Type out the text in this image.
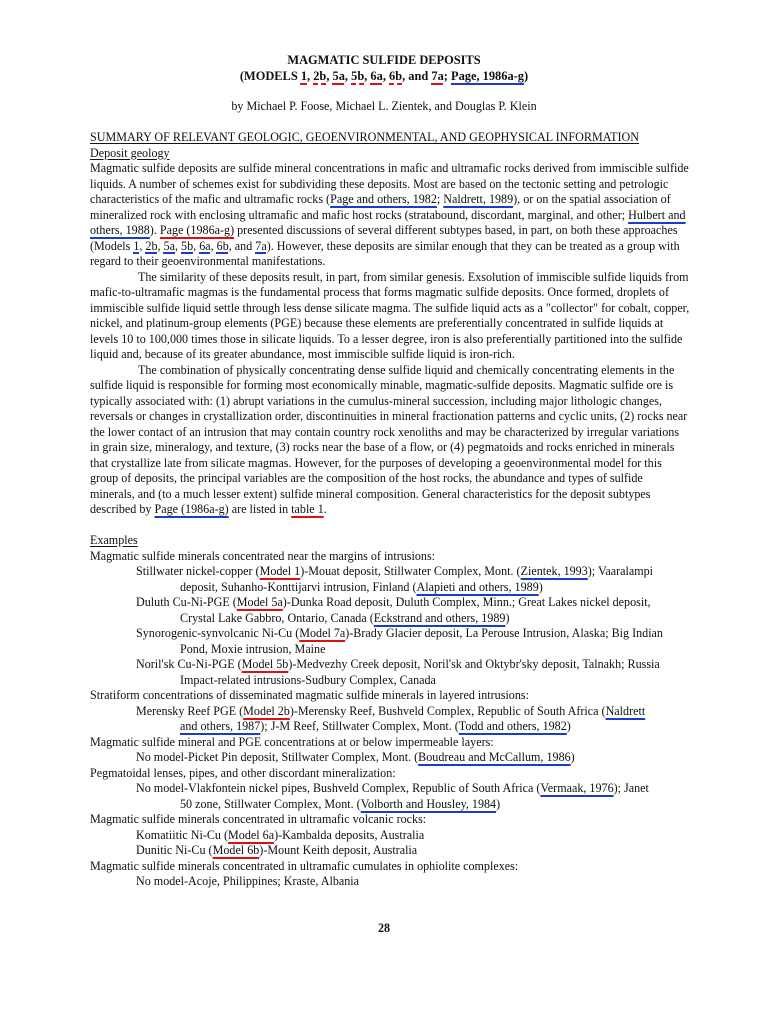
MAGMATIC SULFIDE DEPOSITS
(MODELS 1, 2b, 5a, 5b, 6a, 6b, and 7a; Page, 1986a-g)
by Michael P. Foose, Michael L. Zientek, and Douglas P. Klein

SUMMARY OF RELEVANT GEOLOGIC, GEOENVIRONMENTAL, AND GEOPHYSICAL INFORMATION

Deposit geology

Magmatic sulfide deposits are sulfide mineral concentrations in mafic and ultramafic rocks derived from immiscible sulfide liquids. A number of schemes exist for subdividing these deposits. Most are based on the tectonic setting and petrologic characteristics of the mafic and ultramafic rocks (Page and others, 1982; Naldrett, 1989), or on the spatial association of mineralized rock with enclosing ultramafic and mafic host rocks (stratabound, discordant, marginal, and other; Hulbert and others, 1988). Page (1986a-g) presented discussions of several different subtypes based, in part, on both these approaches (Models 1, 2b, 5a, 5b, 6a, 6b, and 7a). However, these deposits are similar enough that they can be treated as a group with regard to their geoenvironmental manifestations.

The similarity of these deposits result, in part, from similar genesis. Exsolution of immiscible sulfide liquids from mafic-to-ultramafic magmas is the fundamental process that forms magmatic sulfide deposits. Once formed, droplets of immiscible sulfide liquid settle through less dense silicate magma. The sulfide liquid acts as a "collector" for cobalt, copper, nickel, and platinum-group elements (PGE) because these elements are preferentially concentrated in sulfide liquids at levels 10 to 100,000 times those in silicate liquids. To a lesser degree, iron is also preferentially partitioned into the sulfide liquid and, because of its greater abundance, most immiscible sulfide liquid is iron-rich.

The combination of physically concentrating dense sulfide liquid and chemically concentrating elements in the sulfide liquid is responsible for forming most economically minable, magmatic-sulfide deposits. Magmatic sulfide ore is typically associated with: (1) abrupt variations in the cumulus-mineral succession, including major lithologic changes, reversals or changes in crystallization order, discontinuities in mineral fractionation patterns and cyclic units, (2) rocks near the lower contact of an intrusion that may contain country rock xenoliths and may be characterized by irregular variations in grain size, mineralogy, and texture, (3) rocks near the base of a flow, or (4) pegmatoids and rocks enriched in minerals that crystallize late from silicate magmas. However, for the purposes of developing a geoenvironmental model for this group of deposits, the principal variables are the composition of the host rocks, the abundance and types of sulfide minerals, and (to a much lesser extent) sulfide mineral composition. General characteristics for the deposit subtypes described by Page (1986a-g) are listed in table 1.

Examples

Magmatic sulfide minerals concentrated near the margins of intrusions:

Stillwater nickel-copper (Model 1)-Mouat deposit, Stillwater Complex, Mont. (Zientek, 1993); Vaaralampi

deposit, Suhanho-Konttijarvi intrusion, Finland (Alapieti and others, 1989)

Duluth Cu-Ni-PGE (Model 5a)-Dunka Road deposit, Duluth Complex, Minn.; Great Lakes nickel deposit,

Crystal Lake Gabbro, Ontario, Canada (Eckstrand and others, 1989)

Synorogenic-synvolcanic Ni-Cu (Model 7a)-Brady Glacier deposit, La Perouse Intrusion, Alaska; Big Indian

Pond, Moxie intrusion, Maine

Noril'sk Cu-Ni-PGE (Model 5b)-Medvezhy Creek deposit, Noril'sk and Oktybr'sky deposit, Talnakh; Russia

Impact-related intrusions-Sudbury Complex, Canada

Stratiform concentrations of disseminated magmatic sulfide minerals in layered intrusions:

Merensky Reef PGE (Model 2b)-Merensky Reef, Bushveld Complex, Republic of South Africa (Naldrett

and others, 1987); J-M Reef, Stillwater Complex, Mont. (Todd and others, 1982)

Magmatic sulfide mineral and PGE concentrations at or below impermeable layers:

No model-Picket Pin deposit, Stillwater Complex, Mont. (Boudreau and McCallum, 1986)

Pegmatoidal lenses, pipes, and other discordant mineralization:

No model-Vlakfontein nickel pipes, Bushveld Complex, Republic of South Africa (Vermaak, 1976); Janet

50 zone, Stillwater Complex, Mont. (Volborth and Housley, 1984)

Magmatic sulfide minerals concentrated in ultramafic volcanic rocks:

Komatiitic Ni-Cu (Model 6a)-Kambalda deposits, Australia

Dunitic Ni-Cu (Model 6b)-Mount Keith deposit, Australia

Magmatic sulfide minerals concentrated in ultramafic cumulates in ophiolite complexes:

No model-Acoje, Philippines; Kraste, Albania

28
